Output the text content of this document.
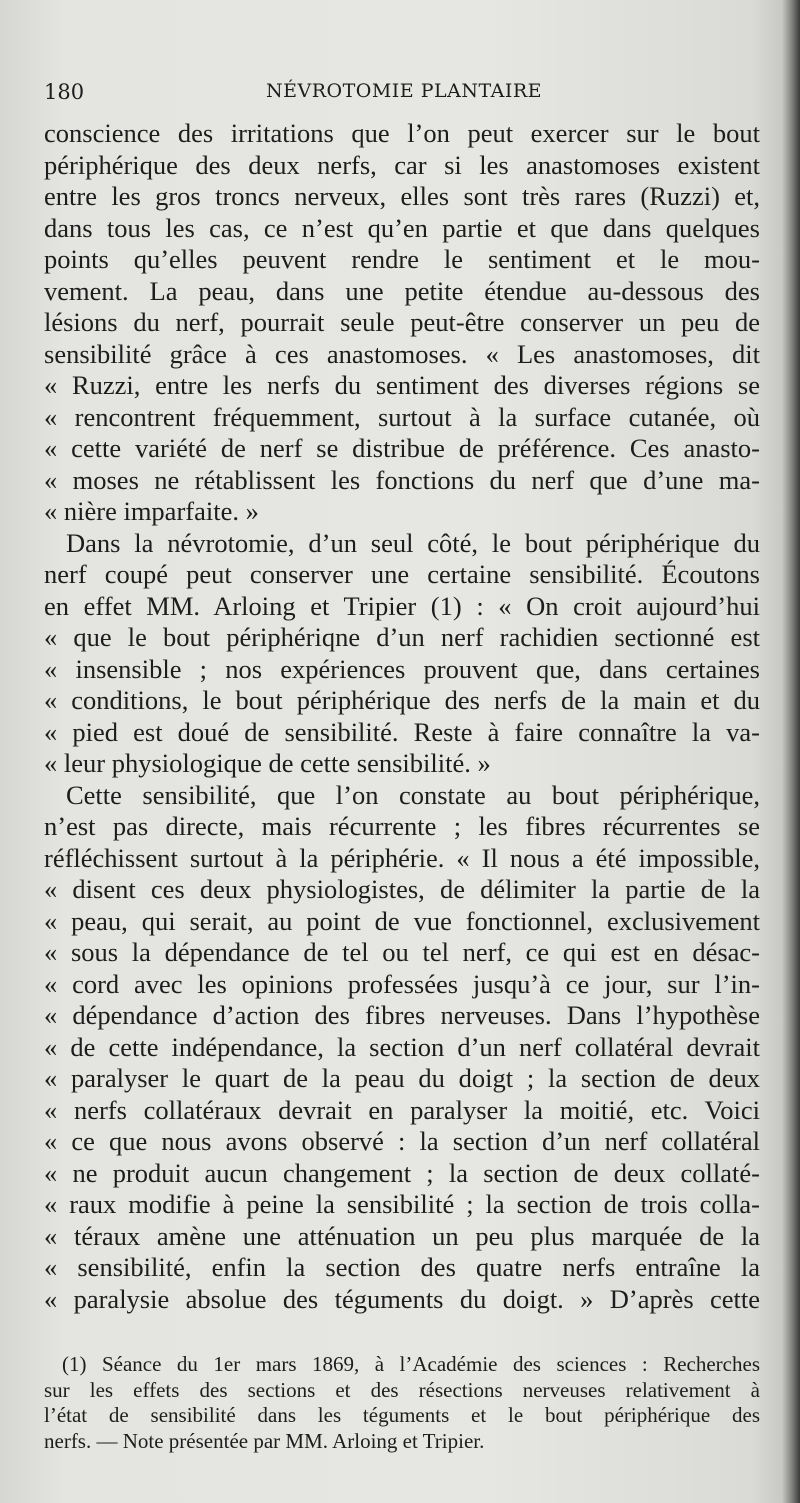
180	NÉVROTOMIE PLANTAIRE
conscience des irritations que l’on peut exercer sur le bout
périphérique des deux nerfs, car si les anastomoses existent
entre les gros troncs nerveux, elles sont très rares (Ruzzi) et,
dans tous les cas, ce n’est qu’en partie et que dans quelques
points qu’elles peuvent rendre le sentiment et le mou-
vement. La peau, dans une petite étendue au-dessous des
lésions du nerf, pourrait seule peut-être conserver un peu de
sensibilité grâce à ces anastomoses. « Les anastomoses, dit
« Ruzzi, entre les nerfs du sentiment des diverses régions se
« rencontrent fréquemment, surtout à la surface cutanée, où
« cette variété de nerf se distribue de préférence. Ces anasto-
« moses ne rétablissent les fonctions du nerf que d’une ma-
« nière imparfaite. »
Dans la névrotomie, d’un seul côté, le bout périphérique du
nerf coupé peut conserver une certaine sensibilité. Écoutons
en effet MM. Arloing et Tripier (1) : « On croit aujourd’hui
« que le bout périphériqne d’un nerf rachidien sectionné est
« insensible ; nos expériences prouvent que, dans certaines
« conditions, le bout périphérique des nerfs de la main et du
« pied est doué de sensibilité. Reste à faire connaître la va-
« leur physiologique de cette sensibilité. »
Cette sensibilité, que l’on constate au bout périphérique,
n’est pas directe, mais récurrente ; les fibres récurrentes se
réfléchissent surtout à la périphérie. « Il nous a été impossible,
« disent ces deux physiologistes, de délimiter la partie de la
« peau, qui serait, au point de vue fonctionnel, exclusivement
« sous la dépendance de tel ou tel nerf, ce qui est en désac-
« cord avec les opinions professées jusqu’à ce jour, sur l’in-
« dépendance d’action des fibres nerveuses. Dans l’hypothèse
« de cette indépendance, la section d’un nerf collatéral devrait
« paralyser le quart de la peau du doigt ; la section de deux
« nerfs collatéraux devrait en paralyser la moitié, etc. Voici
« ce que nous avons observé : la section d’un nerf collatéral
« ne produit aucun changement ; la section de deux collaté-
« raux modifie à peine la sensibilité ; la section de trois colla-
« téraux amène une atténuation un peu plus marquée de la
« sensibilité, enfin la section des quatre nerfs entraîne la
« paralysie absolue des téguments du doigt. » D’après cette
(1) Séance du 1er mars 1869, à l’Académie des sciences : Recherches
sur les effets des sections et des résections nerveuses relativement à
l’état de sensibilité dans les téguments et le bout périphérique des
nerfs. — Note présentée par MM. Arloing et Tripier.
